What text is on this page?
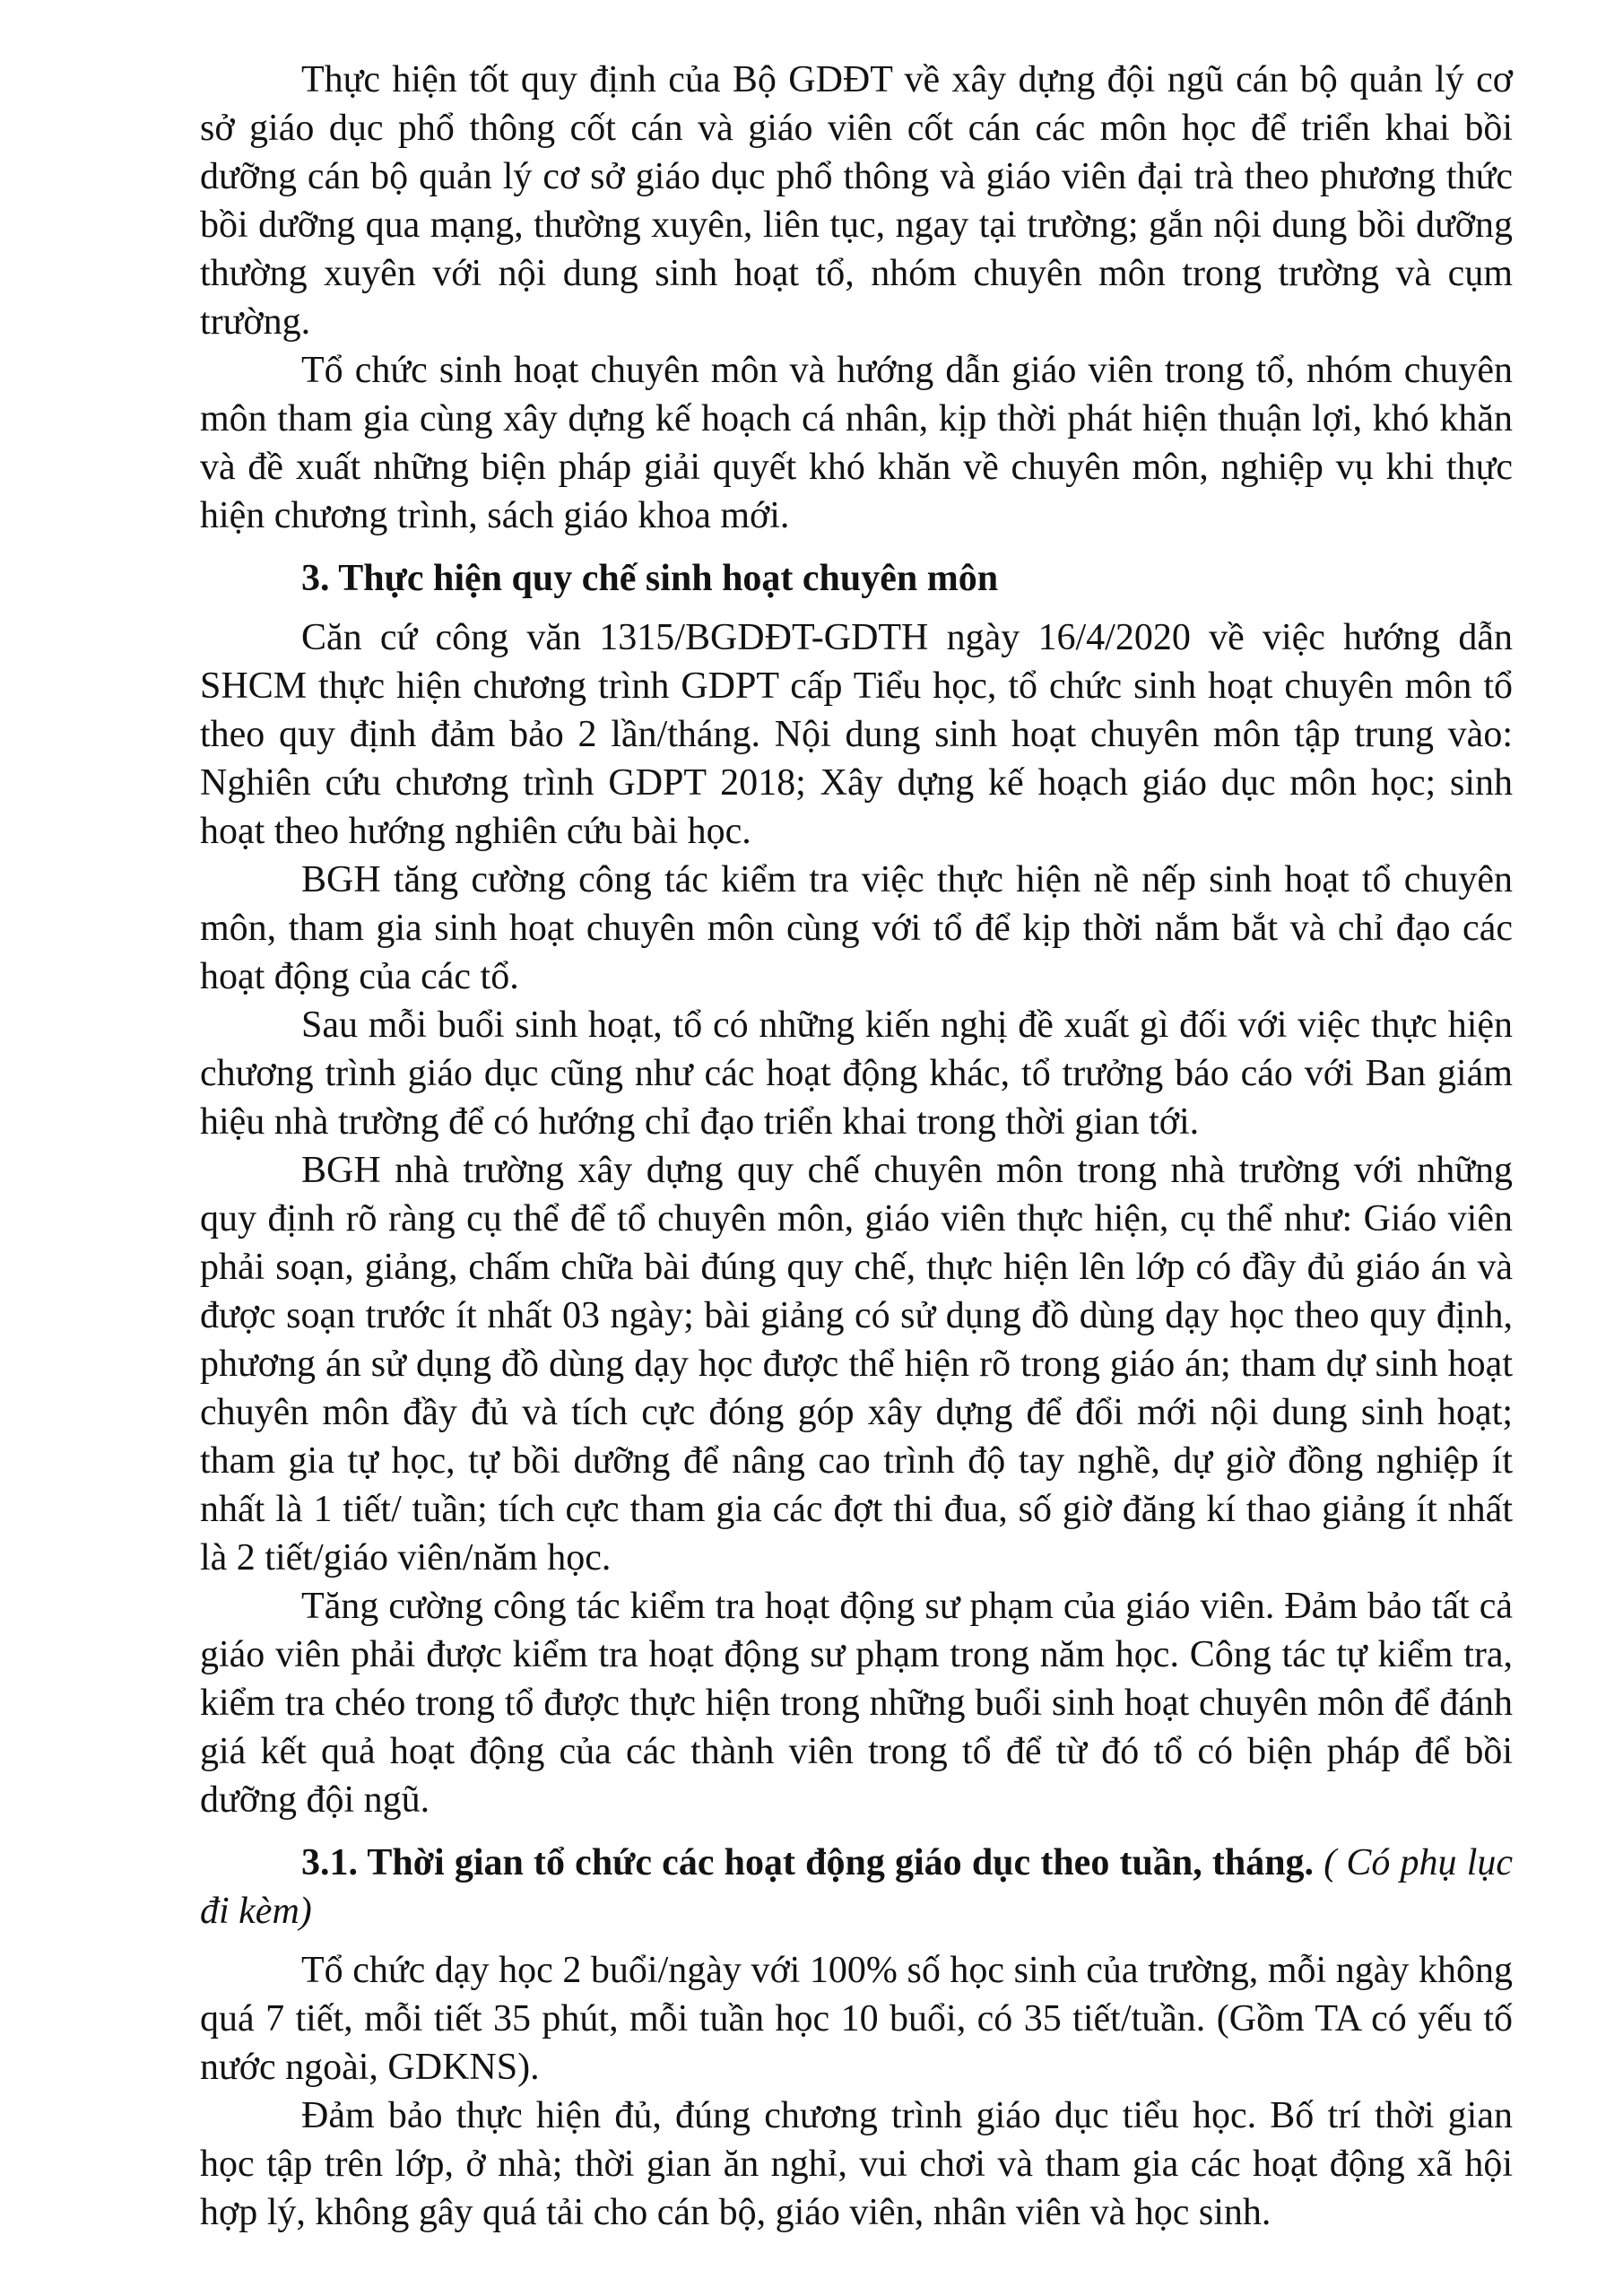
Thực hiện tốt quy định của Bộ GDĐT về xây dựng đội ngũ cán bộ quản lý cơ sở giáo dục phổ thông cốt cán và giáo viên cốt cán các môn học để triển khai bồi dưỡng cán bộ quản lý cơ sở giáo dục phổ thông và giáo viên đại trà theo phương thức bồi dưỡng qua mạng, thường xuyên, liên tục, ngay tại trường; gắn nội dung bồi dưỡng thường xuyên với nội dung sinh hoạt tổ, nhóm chuyên môn trong trường và cụm trường.

Tổ chức sinh hoạt chuyên môn và hướng dẫn giáo viên trong tổ, nhóm chuyên môn tham gia cùng xây dựng kế hoạch cá nhân, kịp thời phát hiện thuận lợi, khó khăn và đề xuất những biện pháp giải quyết khó khăn về chuyên môn, nghiệp vụ khi thực hiện chương trình, sách giáo khoa mới.

3. Thực hiện quy chế sinh hoạt chuyên môn

Căn cứ công văn 1315/BGDĐT-GDTH ngày 16/4/2020 về việc hướng dẫn SHCM thực hiện chương trình GDPT cấp Tiểu học, tổ chức sinh hoạt chuyên môn tổ theo quy định đảm bảo 2 lần/tháng. Nội dung sinh hoạt chuyên môn tập trung vào: Nghiên cứu chương trình GDPT 2018; Xây dựng kế hoạch giáo dục môn học; sinh hoạt theo hướng nghiên cứu bài học.

BGH tăng cường công tác kiểm tra việc thực hiện nề nếp sinh hoạt tổ chuyên môn, tham gia sinh hoạt chuyên môn cùng với tổ để kịp thời nắm bắt và chỉ đạo các hoạt động của các tổ.

Sau mỗi buổi sinh hoạt, tổ có những kiến nghị đề xuất gì đối với việc thực hiện chương trình giáo dục cũng như các hoạt động khác, tổ trưởng báo cáo với Ban giám hiệu nhà trường để có hướng chỉ đạo triển khai trong thời gian tới.

BGH nhà trường xây dựng quy chế chuyên môn trong nhà trường với những quy định rõ ràng cụ thể để tổ chuyên môn, giáo viên thực hiện, cụ thể như: Giáo viên phải soạn, giảng, chấm chữa bài đúng quy chế, thực hiện lên lớp có đầy đủ giáo án và được soạn trước ít nhất 03 ngày; bài giảng có sử dụng đồ dùng dạy học theo quy định, phương án sử dụng đồ dùng dạy học được thể hiện rõ trong giáo án; tham dự sinh hoạt chuyên môn đầy đủ và tích cực đóng góp xây dựng để đổi mới nội dung sinh hoạt; tham gia tự học, tự bồi dưỡng để nâng cao trình độ tay nghề, dự giờ đồng nghiệp ít nhất là 1 tiết/ tuần; tích cực tham gia các đợt thi đua, số giờ đăng kí thao giảng ít nhất là 2 tiết/giáo viên/năm học.

Tăng cường công tác kiểm tra hoạt động sư phạm của giáo viên. Đảm bảo tất cả giáo viên phải được kiểm tra hoạt động sư phạm trong năm học. Công tác tự kiểm tra, kiểm tra chéo trong tổ được thực hiện trong những buổi sinh hoạt chuyên môn để đánh giá kết quả hoạt động của các thành viên trong tổ để từ đó tổ có biện pháp để bồi dưỡng đội ngũ.

3.1. Thời gian tổ chức các hoạt động giáo dục theo tuần, tháng. ( Có phụ lục đi kèm)

Tổ chức dạy học 2 buổi/ngày với 100% số học sinh của trường, mỗi ngày không quá 7 tiết, mỗi tiết 35 phút, mỗi tuần học 10 buổi, có 35 tiết/tuần. (Gồm TA có yếu tố nước ngoài, GDKNS).

Đảm bảo thực hiện đủ, đúng chương trình giáo dục tiểu học. Bố trí thời gian học tập trên lớp, ở nhà; thời gian ăn nghỉ, vui chơi và tham gia các hoạt động xã hội hợp lý, không gây quá tải cho cán bộ, giáo viên, nhân viên và học sinh.
